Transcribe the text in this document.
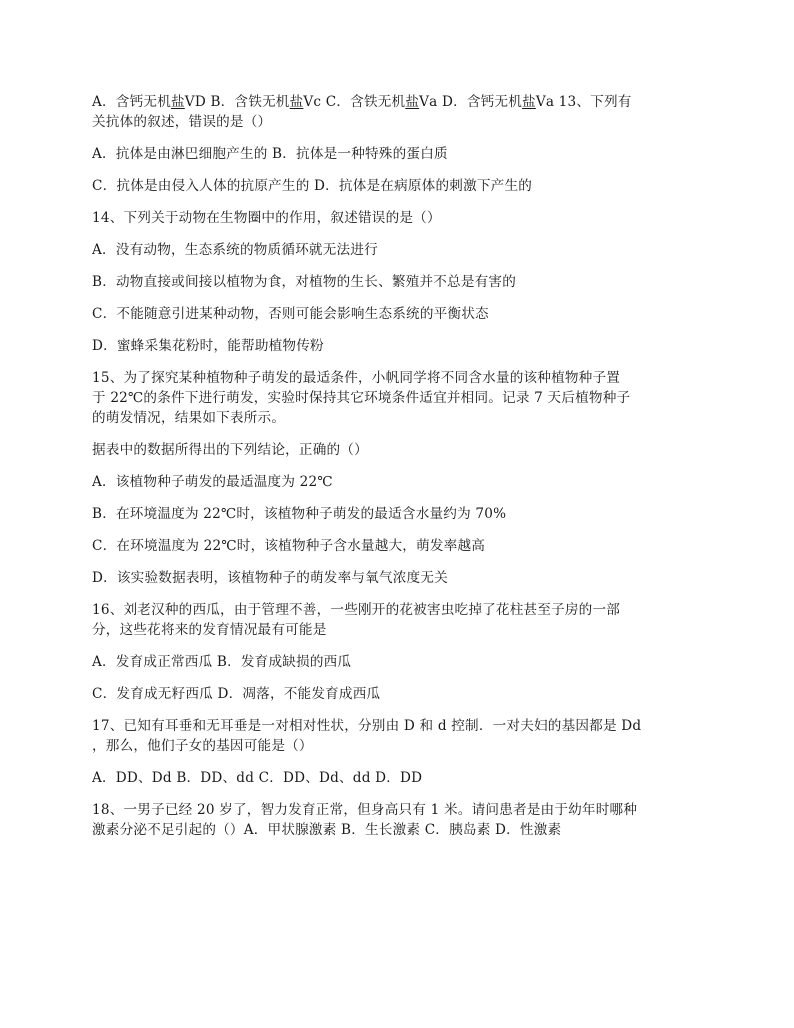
A．含钙无机盐ⅤD B．含铁无机盐Ⅴc C．含铁无机盐Ⅴa D．含钙无机盐Ⅴa 13、下列有

关抗体的叙述，错误的是（）

A．抗体是由淋巴细胞产生的 B．抗体是一种特殊的蛋白质

C．抗体是由侵入人体的抗原产生的 D．抗体是在病原体的刺激下产生的

14、下列关于动物在生物圈中的作用，叙述错误的是（）

A．没有动物，生态系统的物质循环就无法进行

B．动物直接或间接以植物为食，对植物的生长、繁殖并不总是有害的

C．不能随意引进某种动物，否则可能会影响生态系统的平衡状态

D．蜜蜂采集花粉时，能帮助植物传粉

15、为了探究某种植物种子萌发的最适条件，小帆同学将不同含水量的该种植物种子置

于 22℃的条件下进行萌发，实验时保持其它环境条件适宜并相同。记录 7 天后植物种子

的萌发情况，结果如下表所示。

据表中的数据所得出的下列结论，正确的（）

A．该植物种子萌发的最适温度为 22℃

B．在环境温度为 22℃时，该植物种子萌发的最适含水量约为 70%

C．在环境温度为 22℃时，该植物种子含水量越大，萌发率越高

D．该实验数据表明，该植物种子的萌发率与氧气浓度无关

16、刘老汉种的西瓜，由于管理不善，一些刚开的花被害虫吃掉了花柱甚至子房的一部

分，这些花将来的发育情况最有可能是

A．发育成正常西瓜 B．发育成缺损的西瓜

C．发育成无籽西瓜 D．凋落，不能发育成西瓜

17、已知有耳垂和无耳垂是一对相对性状，分别由 D 和 d 控制．一对夫妇的基因都是 Dd

，那么，他们子女的基因可能是（）

A．DD、Dd B．DD、dd C．DD、Dd、dd D．DD

18、一男子已经 20 岁了，智力发育正常，但身高只有 1 米。请问患者是由于幼年时哪种

激素分泌不足引起的（）A．甲状腺激素 B．生长激素 C．胰岛素 D．性激素
